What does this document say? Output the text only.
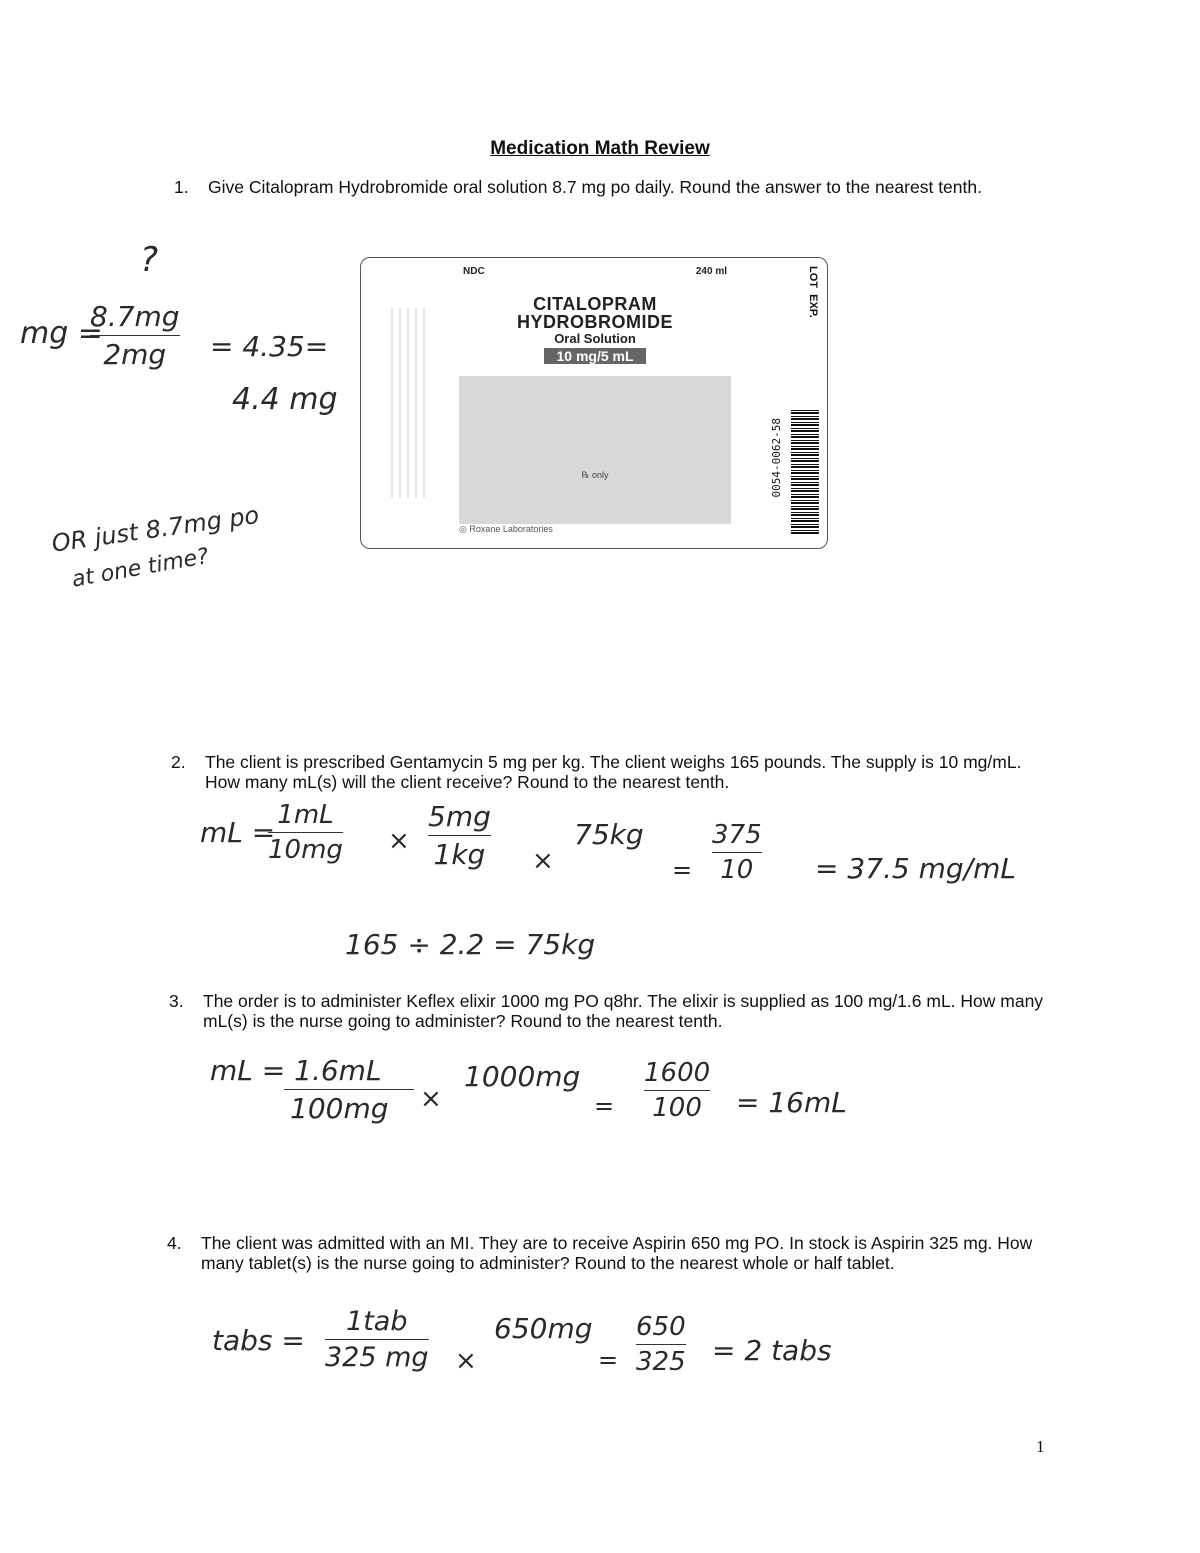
Medication Math Review
1. Give Citalopram Hydrobromide oral solution 8.7 mg po daily. Round the answer to the nearest tenth.
?
mg =
8.7mg
2mg = 4.35=
4.4 mg
OR just 8.7mg po
at one time?
NDC	240 ml

CITALOPRAM
HYDROBROMIDE
Oral Solution
10 mg/5 mL

℞ only
◎ Roxane Laboratories
LOT  EXP.
0054-0062-58
2. The client is prescribed Gentamycin 5 mg per kg. The client weighs 165 pounds. The supply is 10 mg/mL. How many mL(s) will the client receive? Round to the nearest tenth.
mL =
1mL
10mg ×
5mg
1kg ×
75kg
=
375
10 = 37.5 mg/mL
165 ÷ 2.2 = 75kg
3. The order is to administer Keflex elixir 1000 mg PO q8hr. The elixir is supplied as 100 mg/1.6 mL. How many mL(s) is the nurse going to administer? Round to the nearest tenth.
mL = 1.6mL
100mg ×
1000mg
=
1600
100 = 16mL
4. The client was admitted with an MI. They are to receive Aspirin 650 mg PO. In stock is Aspirin 325 mg. How many tablet(s) is the nurse going to administer? Round to the nearest whole or half tablet.
tabs =
1tab
325 mg ×
650mg
=
650
325 = 2 tabs
1
